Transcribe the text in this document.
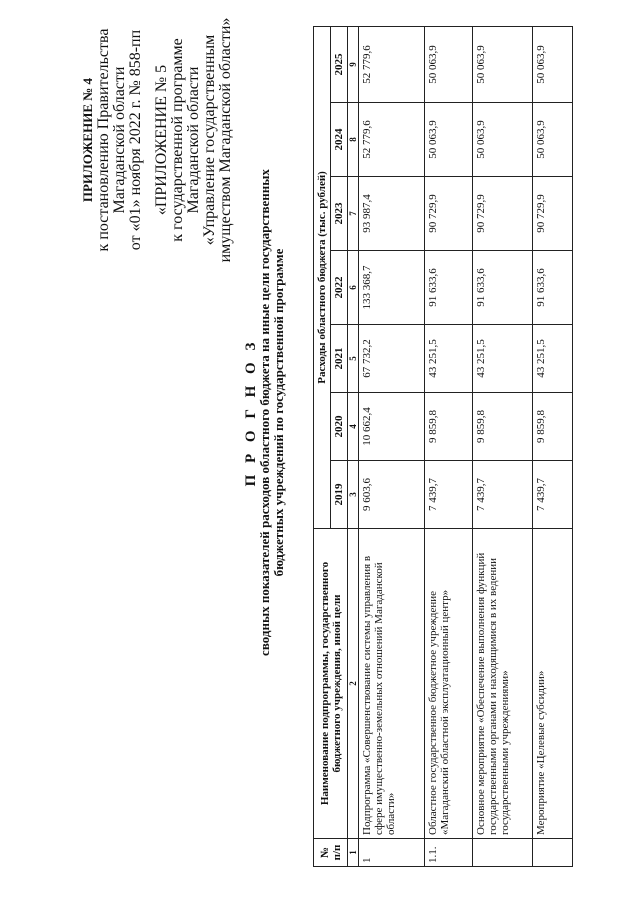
ПРИЛОЖЕНИЕ № 4 к постановлению Правительства Магаданской области от «01» ноября 2022 г. № 858-пп «ПРИЛОЖЕНИЕ № 5 к государственной программе Магаданской области «Управление государственным имуществом Магаданской области»
П Р О Г Н О З
сводных показателей расходов областного бюджета на иные цели государственных бюджетных учреждений по государственной программе
№ п/п	Наименование подпрограммы, государственного бюджетного учреждения, иной цели	Расходы областного бюджета (тыс. рублей)						
		2019	2020	2021	2022	2023	2024	2025
1	2	3	4	5	6	7	8	9
1	Подпрограмма «Совершенствование системы управления в сфере имущественно-земельных отношений Магаданской области»	9 603,6	10 662,4	67 732,2	133 368,7	93 987,4	52 779,6	52 779,6
1.1.	Областное государственное бюджетное учреждение «Магаданский областной эксплуатационный центр»	7 439,7	9 859,8	43 251,5	91 633,6	90 729,9	50 063,9	50 063,9
	Основное мероприятие «Обеспечение выполнения функций государственными органами и находящимися в их ведении государственными учреждениями»	7 439,7	9 859,8	43 251,5	91 633,6	90 729,9	50 063,9	50 063,9
	Мероприятие «Целевые субсидии»	7 439,7	9 859,8	43 251,5	91 633,6	90 729,9	50 063,9	50 063,9
